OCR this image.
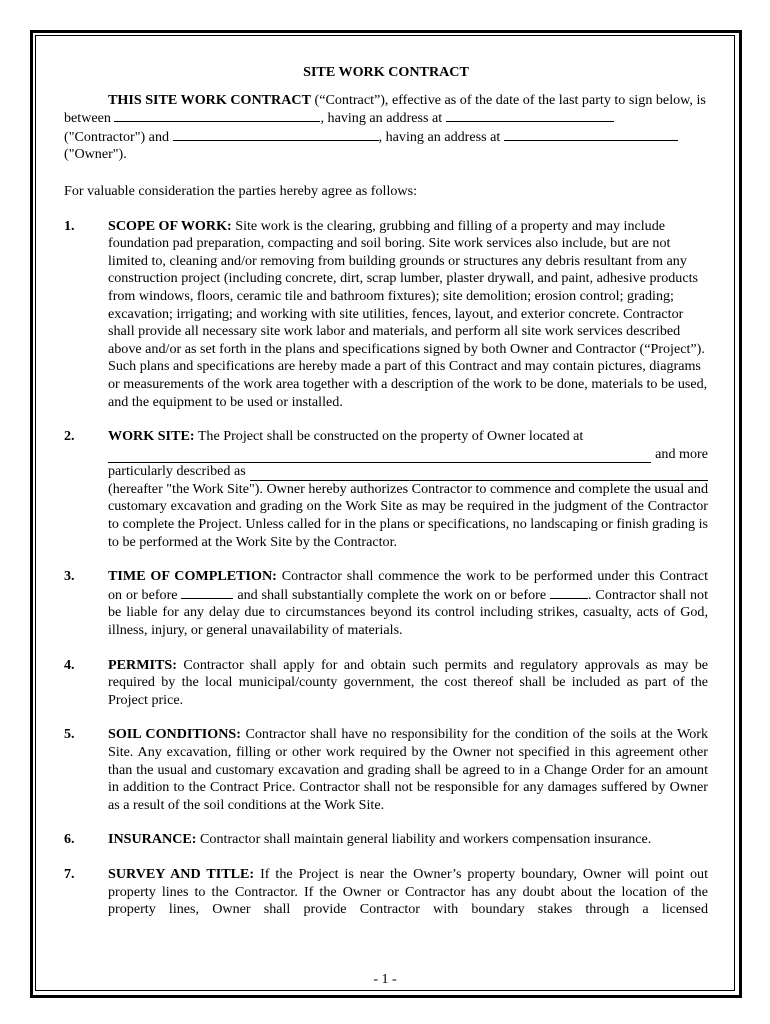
SITE WORK CONTRACT

THIS SITE WORK CONTRACT (“Contract”), effective as of the date of the last party to sign below, is between	, having an address at
("Contractor") and	, having an address at
("Owner").

For valuable consideration the parties hereby agree as follows:

1. SCOPE OF WORK: Site work is the clearing, grubbing and filling of a property and may include foundation pad preparation, compacting and soil boring. Site work services also include, but are not limited to, cleaning and/or removing from building grounds or structures any debris resultant from any construction project (including concrete, dirt, scrap lumber, plaster drywall, and paint, adhesive products from windows, floors, ceramic tile and bathroom fixtures); site demolition; erosion control; grading; excavation; irrigating; and working with site utilities, fences, layout, and exterior concrete. Contractor shall provide all necessary site work labor and materials, and perform all site work services described above and/or as set forth in the plans and specifications signed by both Owner and Contractor (“Project”). Such plans and specifications are hereby made a part of this Contract and may contain pictures, diagrams or measurements of the work area together with a description of the work to be done, materials to be used, and the equipment to be used or installed.

2. WORK SITE: The Project shall be constructed on the property of Owner located at

and more

particularly described as

(hereafter "the Work Site"). Owner hereby authorizes Contractor to commence and complete the usual and customary excavation and grading on the Work Site as may be required in the judgment of the Contractor to complete the Project. Unless called for in the plans or specifications, no landscaping or finish grading is to be performed at the Work Site by the Contractor.

3. TIME OF COMPLETION: Contractor shall commence the work to be performed under this Contract on or before	and shall substantially complete the work on or before	. Contractor shall not be liable for any delay due to circumstances beyond its control including strikes, casualty, acts of God, illness, injury, or general unavailability of materials.

4. PERMITS: Contractor shall apply for and obtain such permits and regulatory approvals as may be required by the local municipal/county government, the cost thereof shall be included as part of the Project price.

5. SOIL CONDITIONS: Contractor shall have no responsibility for the condition of the soils at the Work Site. Any excavation, filling or other work required by the Owner not specified in this agreement other than the usual and customary excavation and grading shall be agreed to in a Change Order for an amount in addition to the Contract Price. Contractor shall not be responsible for any damages suffered by Owner as a result of the soil conditions at the Work Site.

6. INSURANCE: Contractor shall maintain general liability and workers compensation insurance.

7. SURVEY AND TITLE: If the Project is near the Owner’s property boundary, Owner will point out property lines to the Contractor. If the Owner or Contractor has any doubt about the location of the property lines, Owner shall provide Contractor with boundary stakes through a licensed

- 1 -
